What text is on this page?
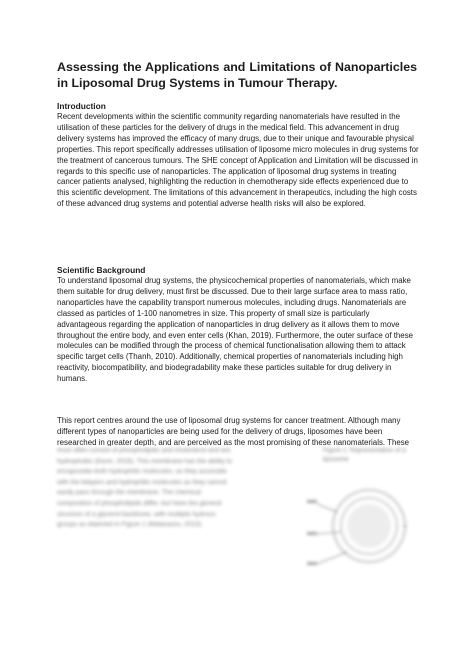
Assessing the Applications and Limitations of Nanoparticles in Liposomal Drug Systems in Tumour Therapy.
Introduction

Recent developments within the scientific community regarding nanomaterials have resulted in the utilisation of these particles for the delivery of drugs in the medical field. This advancement in drug delivery systems has improved the efficacy of many drugs, due to their unique and favourable physical properties. This report specifically addresses utilisation of liposome micro molecules in drug systems for the treatment of cancerous tumours. The SHE concept of Application and Limitation will be discussed in regards to this specific use of nanoparticles. The application of liposomal drug systems in treating cancer patients analysed, highlighting the reduction in chemotherapy side effects experienced due to this scientific development. The limitations of this advancement in therapeutics, including the high costs of these advanced drug systems and potential adverse health risks will also be explored.

Scientific Background

To understand liposomal drug systems, the physicochemical properties of nanomaterials, which make them suitable for drug delivery, must first be discussed. Due to their large surface area to mass ratio, nanoparticles have the capability transport numerous molecules, including drugs. Nanomaterials are classed as particles of 1-100 nanometres in size. This property of small size is particularly advantageous regarding the application of nanoparticles in drug delivery as it allows them to move throughout the entire body, and even enter cells (Khan, 2019). Furthermore, the outer surface of these molecules can be modified through the process of chemical functionalisation allowing them to attack specific target cells (Thanh, 2010). Additionally, chemical properties of nanomaterials including high reactivity, biocompatibility, and biodegradability make these particles suitable for drug delivery in humans.

This report centres around the use of liposomal drug systems for cancer treatment. Although many different types of nanoparticles are being used for the delivery of drugs, liposomes have been researched in greater depth, and are perceived as the most promising of these nanomaterials. These

most often consist of phospholipids and cholesterol and are

hydrophobic (Dunn, 2015). This membrane has the ability to

encapsulate both hydrophilic molecules, as they associate

with the bilayers and hydrophilic molecules as they cannot

easily pass through the membrane. The chemical

composition of phospholipids differ, but have the general

structure of a glycerol backbone, with multiple hydrous

groups as depicted in Figure 1 (Matarazzo, 2013).

Figure 1: Representation of a liposome
